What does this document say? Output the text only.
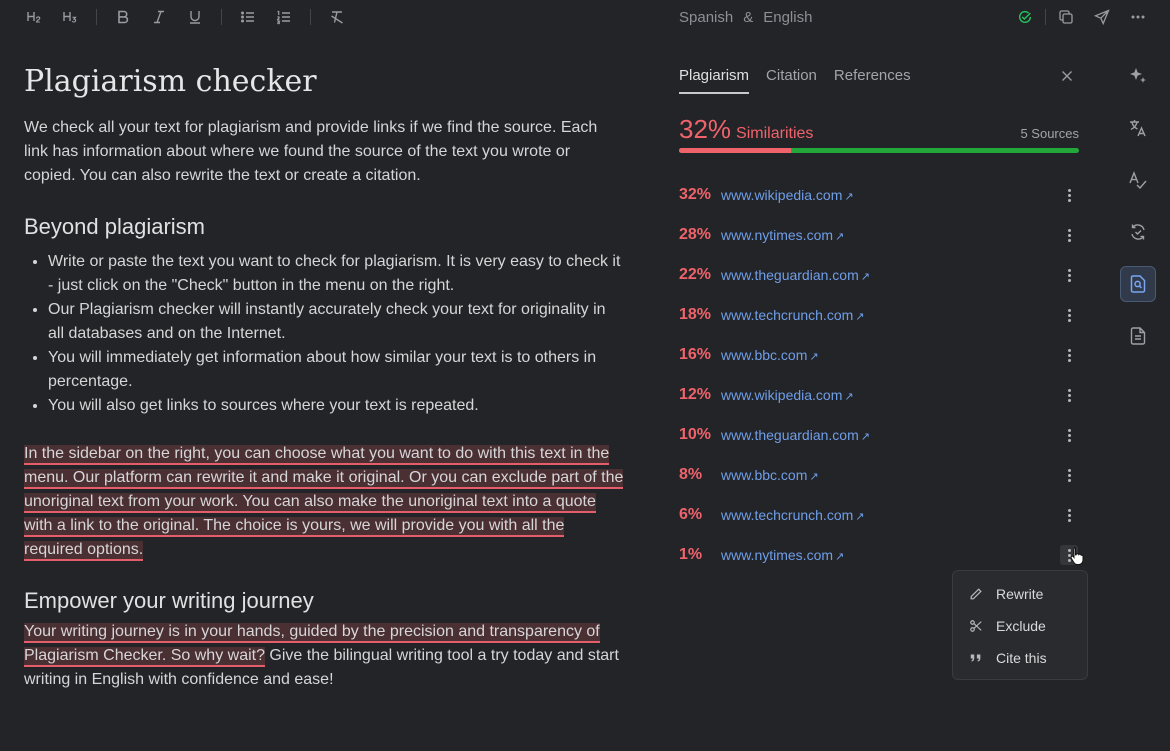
Spanish & English
Plagiarism checker

We check all your text for plagiarism and provide links if we find the source. Each link has information about where we found the source of the text you wrote or copied. You can also rewrite the text or create a citation.

Beyond plagiarism
• Write or paste the text you want to check for plagiarism. It is very easy to check it - just click on the "Check" button in the menu on the right.
• Our Plagiarism checker will instantly accurately check your text for originality in all databases and on the Internet.
• You will immediately get information about how similar your text is to others in percentage.
• You will also get links to sources where your text is repeated.

In the sidebar on the right, you can choose what you want to do with this text in the menu. Our platform can rewrite it and make it original. Or you can exclude part of the unoriginal text from your work. You can also make the unoriginal text into a quote with a link to the original. The choice is yours, we will provide you with all the required options.

Empower your writing journey

Your writing journey is in your hands, guided by the precision and transparency of Plagiarism Checker. So why wait? Give the bilingual writing tool a try today and start writing in English with confidence and ease!

Plagiarism Citation References
32% Similarities	5 Sources
32% www.wikipedia.com ↗
28% www.nytimes.com ↗
22% www.theguardian.com ↗
18% www.techcrunch.com ↗
16% www.bbc.com ↗
12% www.wikipedia.com ↗
10% www.theguardian.com ↗
8%	www.bbc.com ↗
6%	www.techcrunch.com ↗
1%	www.nytimes.com ↗
Rewrite
Exclude
Cite this
